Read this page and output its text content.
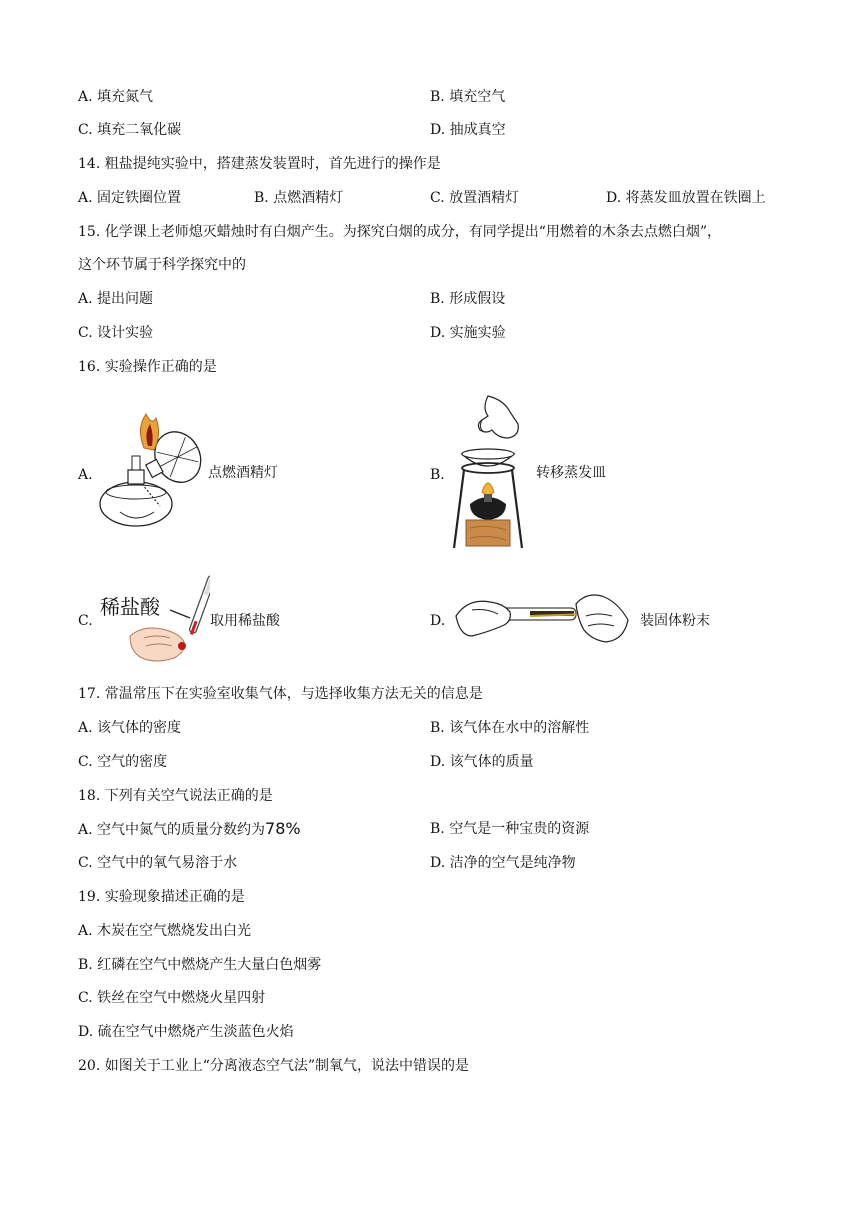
A. 填充氮气	B. 填充空气
C. 填充二氧化碳	D. 抽成真空
14. 粗盐提纯实验中，搭建蒸发装置时，首先进行的操作是
A. 固定铁圈位置	B. 点燃酒精灯	C. 放置酒精灯	D. 将蒸发皿放置在铁圈上
15. 化学课上老师熄灭蜡烛时有白烟产生。为探究白烟的成分，有同学提出“用燃着的木条去点燃白烟”，
这个环节属于科学探究中的
A. 提出问题	B. 形成假设
C. 设计实验	D. 实施实验
16. 实验操作正确的是
A.	点燃酒精灯	B.	转移蒸发皿
C.
稀盐酸
取用稀盐酸	D.	装固体粉末
17. 常温常压下在实验室收集气体，与选择收集方法无关的信息是
A. 该气体的密度	B. 该气体在水中的溶解性
C. 空气的密度	D. 该气体的质量
18. 下列有关空气说法正确的是
A. 空气中氮气的质量分数约为78%	B. 空气是一种宝贵的资源
C. 空气中的氧气易溶于水	D. 洁净的空气是纯净物
19. 实验现象描述正确的是
A. 木炭在空气燃烧发出白光
B. 红磷在空气中燃烧产生大量白色烟雾
C. 铁丝在空气中燃烧火星四射
D. 硫在空气中燃烧产生淡蓝色火焰
20. 如图关于工业上“分离液态空气法”制氧气，说法中错误的是
